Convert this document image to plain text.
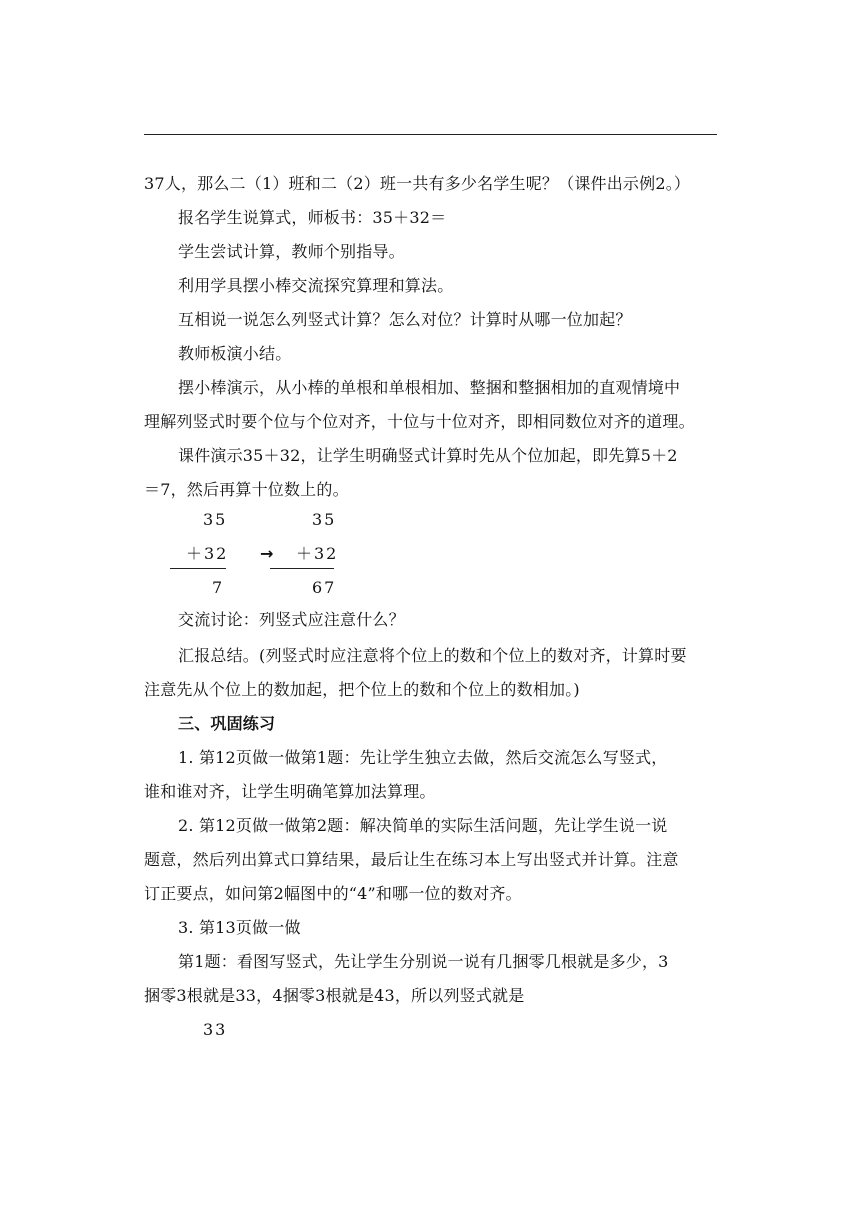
37人，那么二（1）班和二（2）班一共有多少名学生呢？（课件出示例2。）
报名学生说算式，师板书：35＋32＝
学生尝试计算，教师个别指导。
利用学具摆小棒交流探究算理和算法。
互相说一说怎么列竖式计算？怎么对位？计算时从哪一位加起？
教师板演小结。
摆小棒演示，从小棒的单根和单根相加、整捆和整捆相加的直观情境中
理解列竖式时要个位与个位对齐，十位与十位对齐，即相同数位对齐的道理。
课件演示35＋32，让学生明确竖式计算时先从个位加起，即先算5＋2
＝7，然后再算十位数上的。
35
＋32
7
→
35
＋32
67
交流讨论：列竖式应注意什么？
汇报总结。(列竖式时应注意将个位上的数和个位上的数对齐，计算时要
注意先从个位上的数加起，把个位上的数和个位上的数相加。)
三、巩固练习
1. 第12页做一做第1题：先让学生独立去做，然后交流怎么写竖式，
谁和谁对齐，让学生明确笔算加法算理。
2. 第12页做一做第2题：解决简单的实际生活问题，先让学生说一说
题意，然后列出算式口算结果，最后让生在练习本上写出竖式并计算。注意
订正要点，如问第2幅图中的“4”和哪一位的数对齐。
3. 第13页做一做
第1题：看图写竖式，先让学生分别说一说有几捆零几根就是多少，3
捆零3根就是33，4捆零3根就是43，所以列竖式就是
33
